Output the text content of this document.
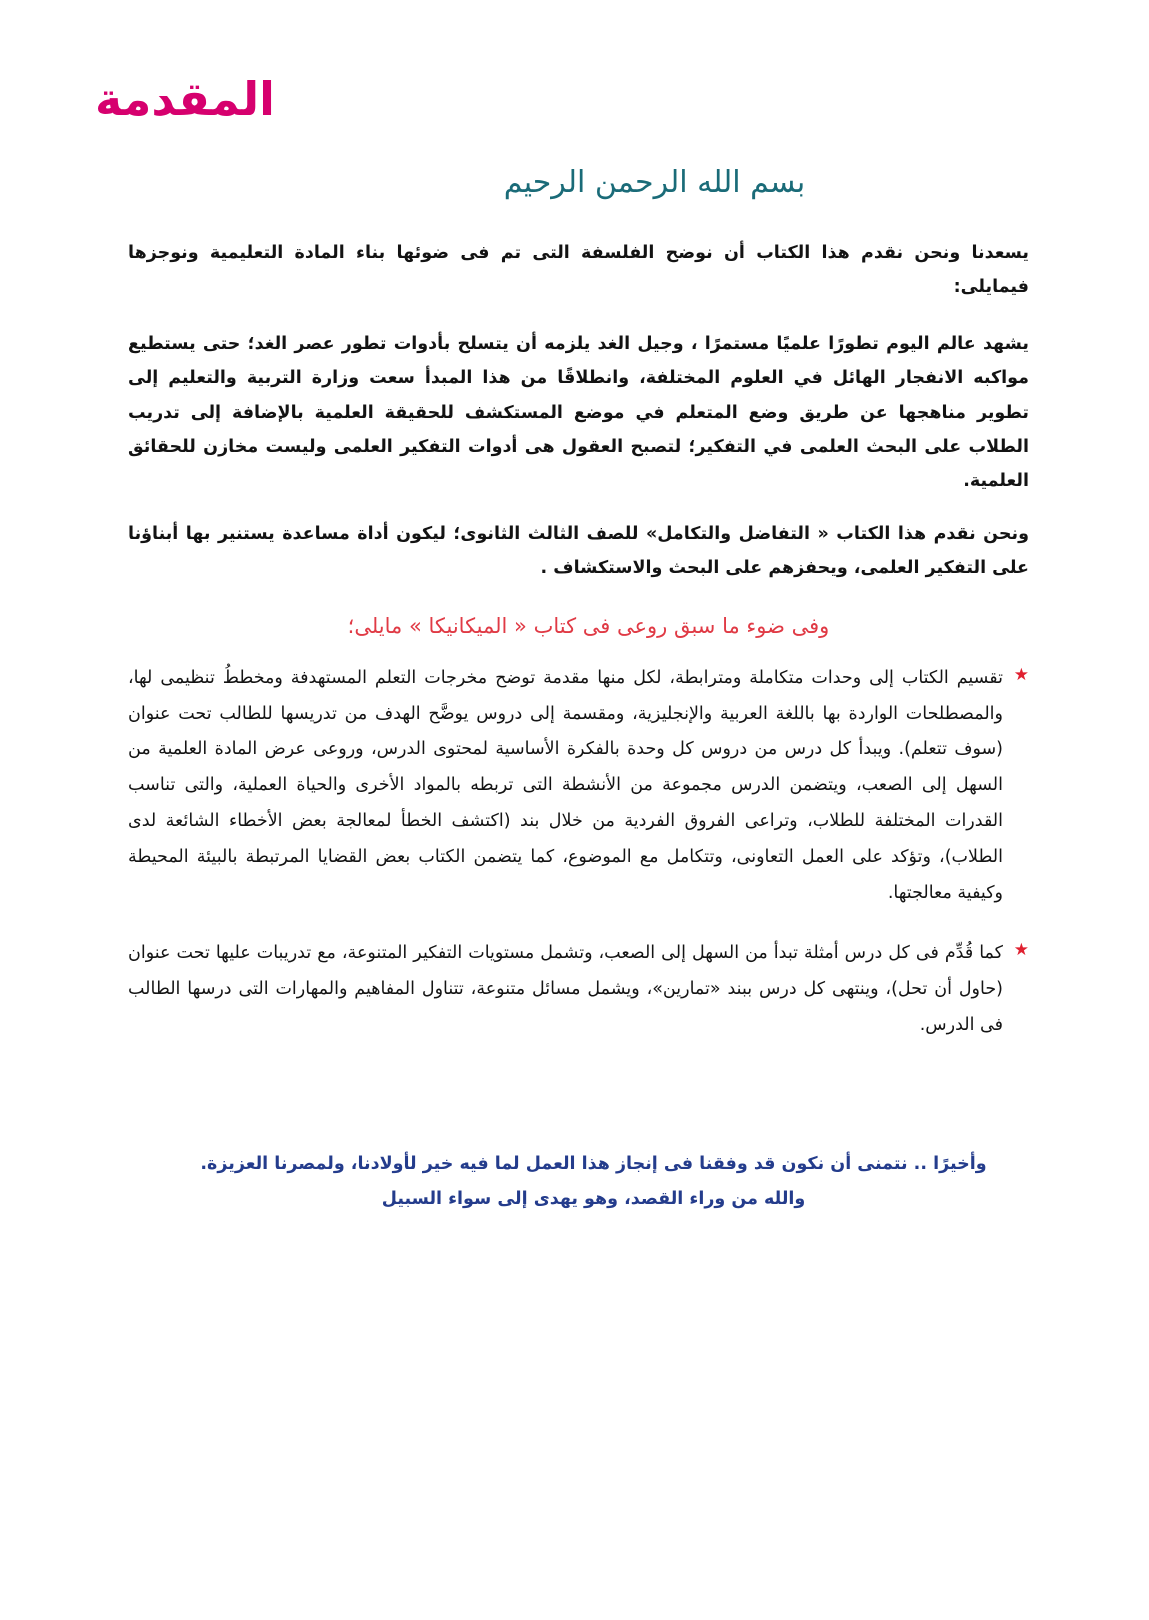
المقدمة
بسم الله الرحمن الرحيم

يسعدنا ونحن نقدم هذا الكتاب أن نوضح الفلسفة التى تم فى ضوئها بناء المادة التعليمية ونوجزها فيمايلى:

يشهد عالم اليوم تطورًا علميًا مستمرًا ، وجيل الغد يلزمه أن يتسلح بأدوات تطور عصر الغد؛ حتى يستطيع مواكبه الانفجار الهائل في العلوم المختلفة، وانطلاقًا من هذا المبدأ سعت وزارة التربية والتعليم إلى تطوير مناهجها عن طريق وضع المتعلم في موضع المستكشف للحقيقة العلمية بالإضافة إلى تدريب الطلاب على البحث العلمى في التفكير؛ لتصبح العقول هى أدوات التفكير العلمى وليست مخازن للحقائق العلمية.

ونحن نقدم هذا الكتاب « التفاضل والتكامل» للصف الثالث الثانوى؛ ليكون أداة مساعدة يستنير بها أبناؤنا على التفكير العلمى، ويحفزهم على البحث والاستكشاف .

وفى ضوء ما سبق روعى فى كتاب « الميكانيكا » مايلى؛
★
تقسيم الكتاب إلى وحدات متكاملة ومترابطة، لكل منها مقدمة توضح مخرجات التعلم المستهدفة ومخططُ تنظيمى لها، والمصطلحات الواردة بها باللغة العربية والإنجليزية، ومقسمة إلى دروس يوضَّح الهدف من تدريسها للطالب تحت عنوان (سوف تتعلم). ويبدأ كل درس من دروس كل وحدة بالفكرة الأساسية لمحتوى الدرس، وروعى عرض المادة العلمية من السهل إلى الصعب، ويتضمن الدرس مجموعة من الأنشطة التى تربطه بالمواد الأخرى والحياة العملية، والتى تناسب القدرات المختلفة للطلاب، وتراعى الفروق الفردية من خلال بند (اكتشف الخطأ لمعالجة بعض الأخطاء الشائعة لدى الطلاب)، وتؤكد على العمل التعاونى، وتتكامل مع الموضوع، كما يتضمن الكتاب بعض القضايا المرتبطة بالبيئة المحيطة وكيفية معالجتها.
★
كما قُدِّم فى كل درس أمثلة تبدأ من السهل إلى الصعب، وتشمل مستويات التفكير المتنوعة، مع تدريبات عليها تحت عنوان (حاول أن تحل)، وينتهى كل درس ببند «تمارين»، ويشمل مسائل متنوعة، تتناول المفاهيم والمهارات التى درسها الطالب فى الدرس.
وأخيرًا .. نتمنى أن نكون قد وفقنا فى إنجاز هذا العمل لما فيه خير لأولادنا، ولمصرنا العزيزة.
والله من وراء القصد، وهو يهدى إلى سواء السبيل
